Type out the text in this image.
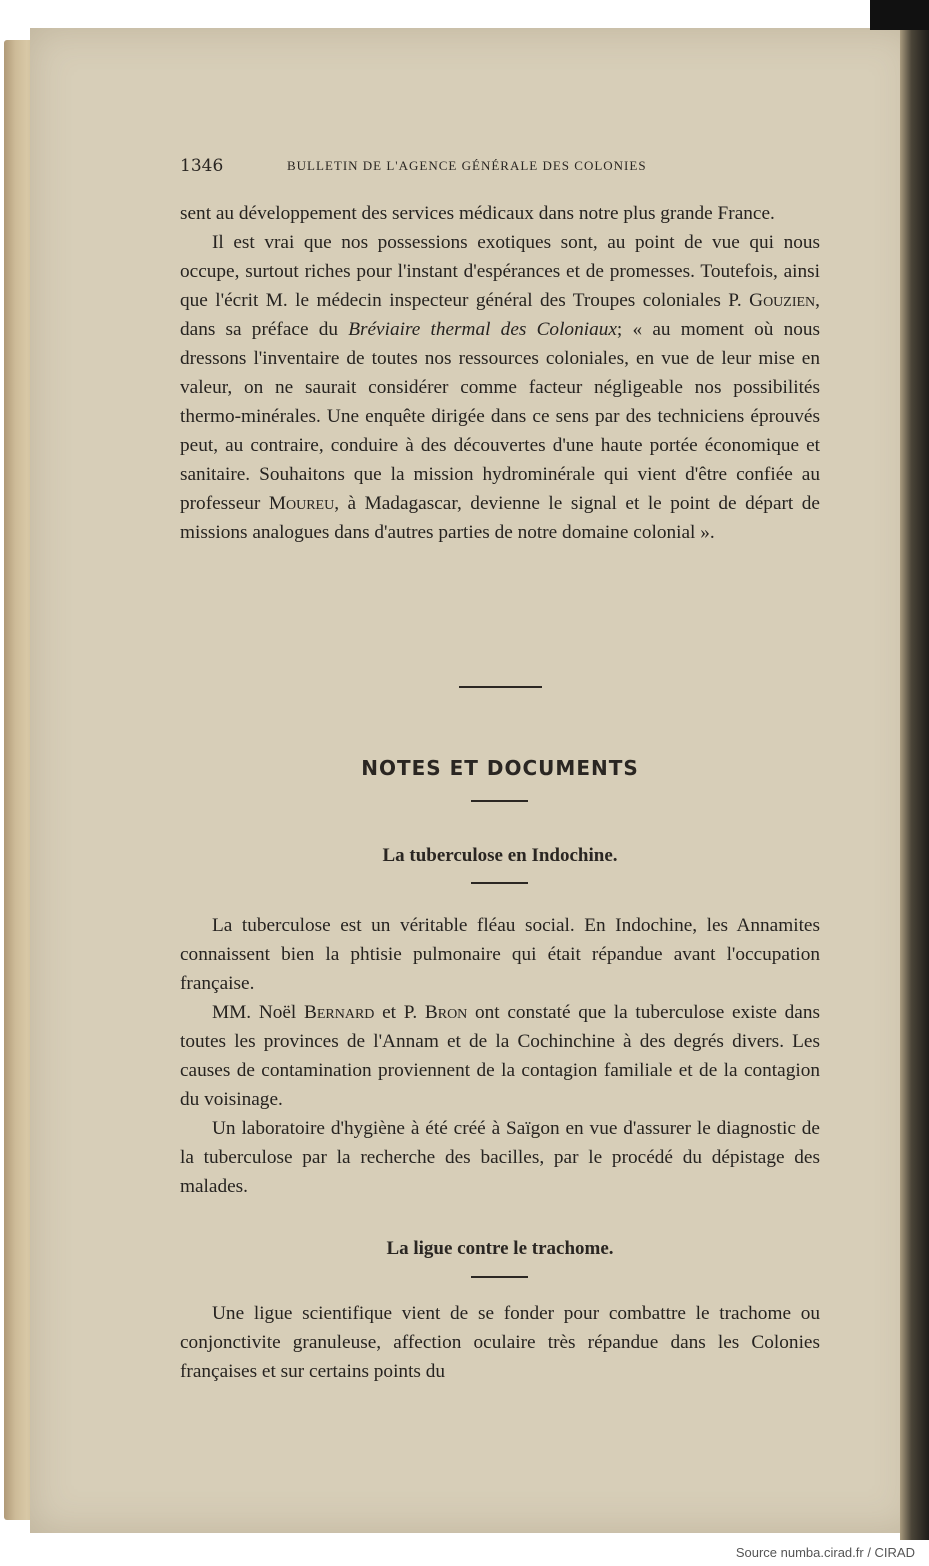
1346	BULLETIN DE L'AGENCE GÉNÉRALE DES COLONIES

sent au développement des services médicaux dans notre plus grande France.

Il est vrai que nos possessions exotiques sont, au point de vue qui nous occupe, surtout riches pour l'instant d'espérances et de promesses. Toutefois, ainsi que l'écrit M. le médecin inspecteur général des Troupes coloniales P. Gouzien, dans sa préface du Bréviaire thermal des Coloniaux; « au moment où nous dressons l'inventaire de toutes nos ressources coloniales, en vue de leur mise en valeur, on ne saurait considérer comme facteur négligeable nos possibilités thermo-minérales. Une enquête dirigée dans ce sens par des techniciens éprouvés peut, au contraire, conduire à des découvertes d'une haute portée économique et sanitaire. Souhaitons que la mission hydrominérale qui vient d'être confiée au professeur Moureu, à Madagascar, devienne le signal et le point de départ de missions analogues dans d'autres parties de notre domaine colonial ».

NOTES ET DOCUMENTS
La tuberculose en Indochine.

La tuberculose est un véritable fléau social. En Indochine, les Annamites connaissent bien la phtisie pulmonaire qui était répandue avant l'occupation française.

MM. Noël Bernard et P. Bron ont constaté que la tuberculose existe dans toutes les provinces de l'Annam et de la Cochinchine à des degrés divers. Les causes de contamination proviennent de la contagion familiale et de la contagion du voisinage.

Un laboratoire d'hygiène à été créé à Saïgon en vue d'assurer le diagnostic de la tuberculose par la recherche des bacilles, par le procédé du dépistage des malades.

La ligue contre le trachome.

Une ligue scientifique vient de se fonder pour combattre le trachome ou conjonctivite granuleuse, affection oculaire très répandue dans les Colonies françaises et sur certains points du

Source numba.cirad.fr / CIRAD
